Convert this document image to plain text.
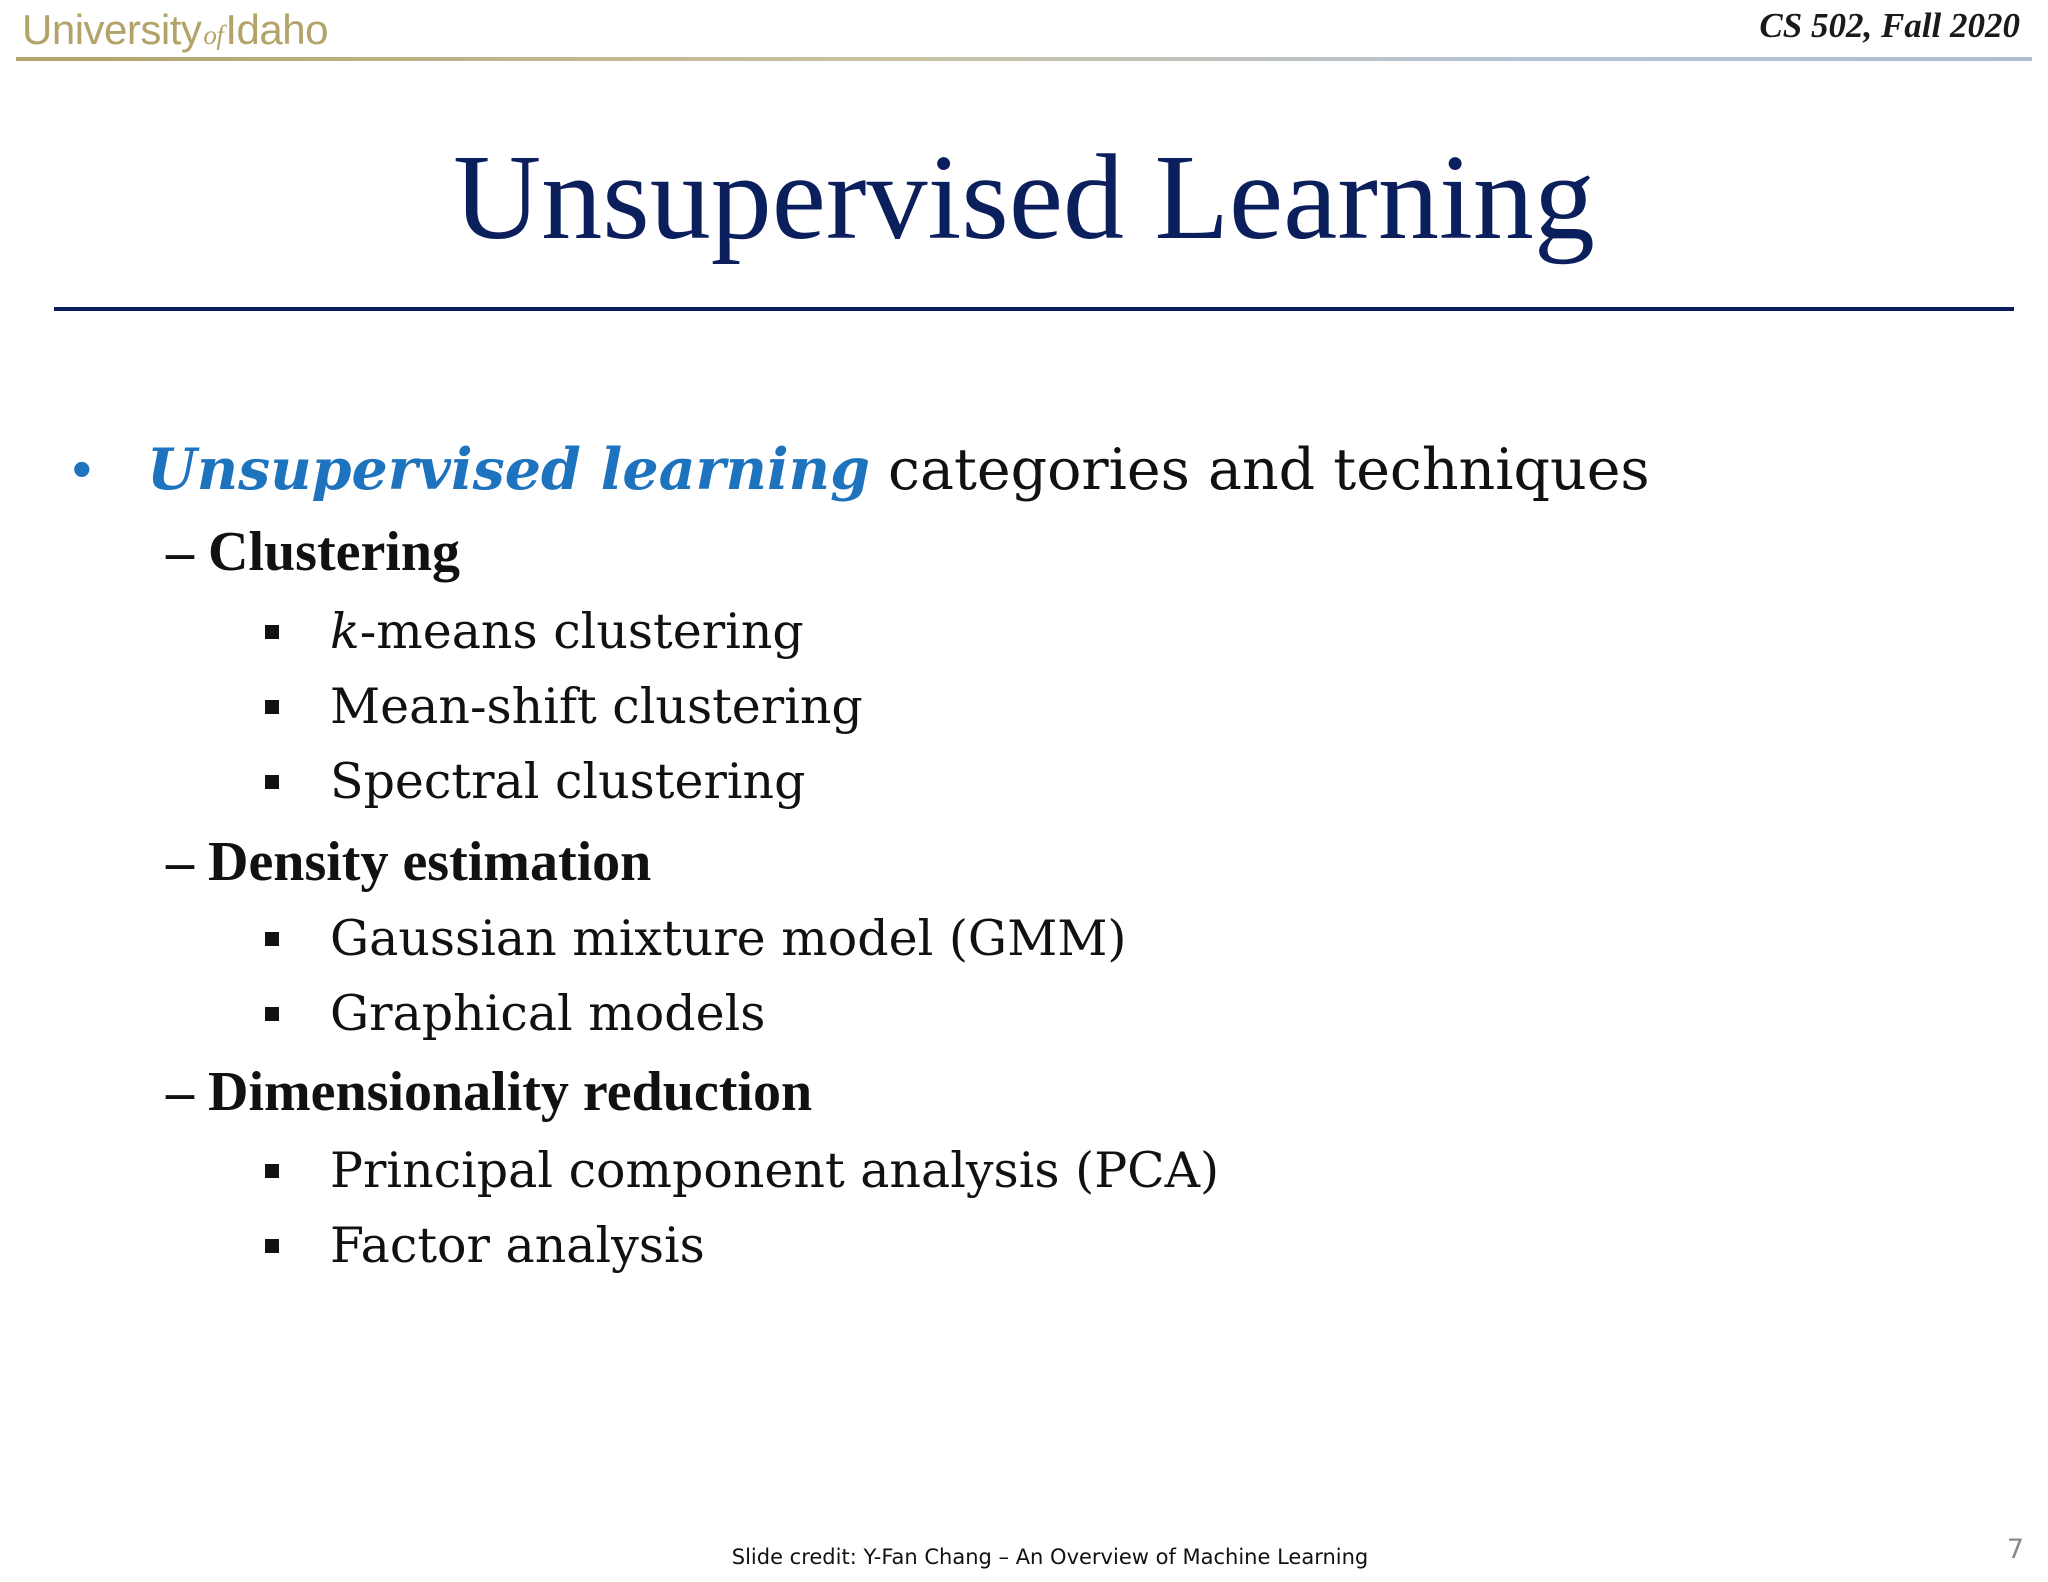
UniversityofIdaho	CS 502, Fall 2020
Unsupervised Learning
• Unsupervised learning categories and techniques
– Clustering
k-means clustering
Mean-shift clustering
Spectral clustering
– Density estimation
Gaussian mixture model (GMM)
Graphical models
– Dimensionality reduction
Principal component analysis (PCA)
Factor analysis
Slide credit: Y-Fan Chang – An Overview of Machine Learning	7
